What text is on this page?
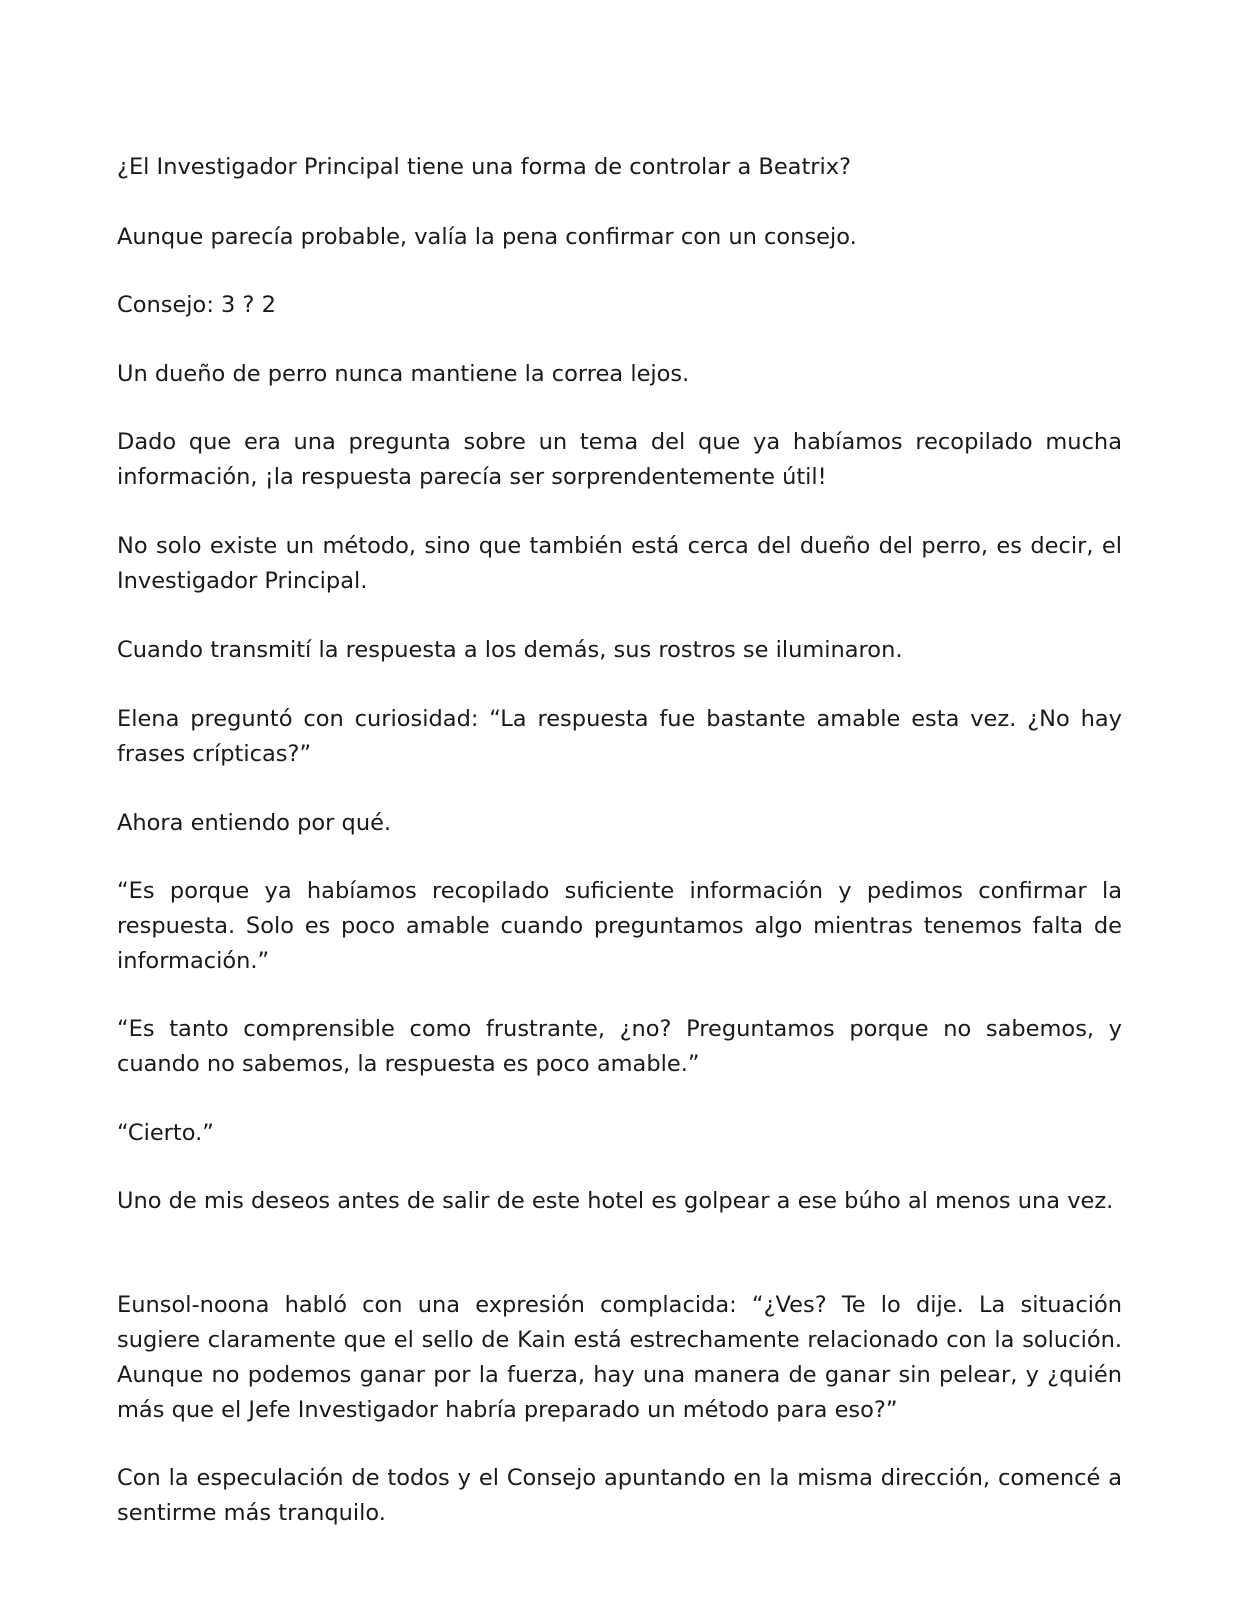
¿El Investigador Principal tiene una forma de controlar a Beatrix?

Aunque parecía probable, valía la pena confirmar con un consejo.

Consejo: 3 ? 2

Un dueño de perro nunca mantiene la correa lejos.

Dado que era una pregunta sobre un tema del que ya habíamos recopilado mucha información, ¡la respuesta parecía ser sorprendentemente útil!

No solo existe un método, sino que también está cerca del dueño del perro, es decir, el Investigador Principal.

Cuando transmití la respuesta a los demás, sus rostros se iluminaron.

Elena preguntó con curiosidad: “La respuesta fue bastante amable esta vez. ¿No hay frases crípticas?”

Ahora entiendo por qué.

“Es porque ya habíamos recopilado suficiente información y pedimos confirmar la respuesta. Solo es poco amable cuando preguntamos algo mientras tenemos falta de información.”

“Es tanto comprensible como frustrante, ¿no? Preguntamos porque no sabemos, y cuando no sabemos, la respuesta es poco amable.”

“Cierto.”

Uno de mis deseos antes de salir de este hotel es golpear a ese búho al menos una vez.

Eunsol-noona habló con una expresión complacida: “¿Ves? Te lo dije. La situación sugiere claramente que el sello de Kain está estrechamente relacionado con la solución. Aunque no podemos ganar por la fuerza, hay una manera de ganar sin pelear, y ¿quién más que el Jefe Investigador habría preparado un método para eso?”

Con la especulación de todos y el Consejo apuntando en la misma dirección, comencé a sentirme más tranquilo.
